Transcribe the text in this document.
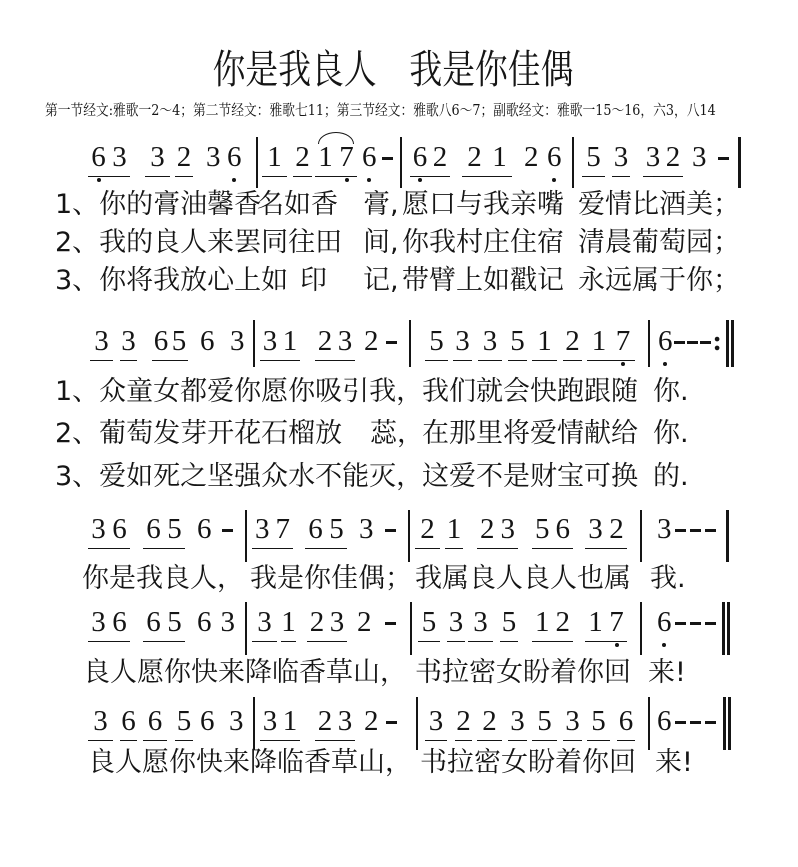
你是我良人　我是你佳偶
第一节经文:雅歌一2～4；第二节经文：雅歌七11；第三节经文：雅歌八6～7；副歌经文：雅歌一15～16，六3，八14
6 3 3 2 3 6 1 2 1 7 6 6 2 2 1 2 6 5 3 3 2 3
1、你的膏油馨香
名如香 膏, 愿口与我亲嘴 爱情比酒美；
2、我的良人来罢同往田 间, 你我村庄住宿 清晨葡萄园；
3、你将我放心上如 印 记, 带臂上如戳记 永远属于你；
3 3 6 5 6 3 3 1 2 3 2 5 3 3 5 1 2 1 7 6 :
1、众童女都爱你愿你吸引我，
我们就会快跑跟随 你.
2、葡萄发芽开花石榴放 蕊，
在那里将爱情献给 你.
3、爱如死之坚强众水不能灭，
这爱不是财宝可换 的.
3 6 6 5 6 3 7 6 5 3 2 1 2 3 5 6 3 2 3
你是我良人， 我是你佳偶； 我属良人良人也属 我.
3 6 6 5 6 3 3 1 2 3 2 5 3 3 5 1 2 1 7 6
良人愿你快来降临香草山， 书拉密女盼着你回 来!
3 6 6 5 6 3 3 1 2 3 2 3 2 2 3 5 3 5 6 6
良人愿你快来降临香草山， 书拉密女盼着你回 来!
